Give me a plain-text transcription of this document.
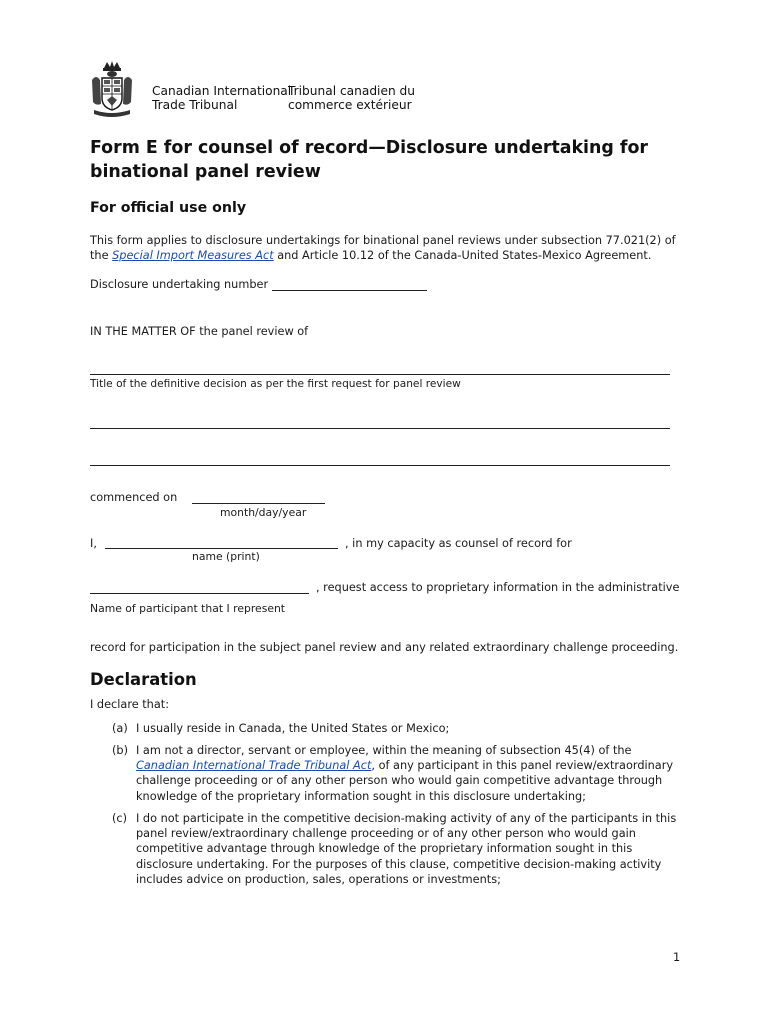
Canadian International
Trade Tribunal
Tribunal canadien du
commerce extérieur
Form E for counsel of record—Disclosure undertaking for
binational panel review
For official use only
This form applies to disclosure undertakings for binational panel reviews under subsection 77.021(2) of
the Special Import Measures Act and Article 10.12 of the Canada-United States-Mexico Agreement.
Disclosure undertaking number
IN THE MATTER OF the panel review of
Title of the definitive decision as per the first request for panel review
commenced on
month/day/year
I,	, in my capacity as counsel of record for
name (print)
, request access to proprietary information in the administrative
Name of participant that I represent
record for participation in the subject panel review and any related extraordinary challenge proceeding.
Declaration
I declare that:
(a) I usually reside in Canada, the United States or Mexico;
(b) I am not a director, servant or employee, within the meaning of subsection 45(4) of the
Canadian International Trade Tribunal Act, of any participant in this panel review/extraordinary
challenge proceeding or of any other person who would gain competitive advantage through
knowledge of the proprietary information sought in this disclosure undertaking;
(c) I do not participate in the competitive decision-making activity of any of the participants in this
panel review/extraordinary challenge proceeding or of any other person who would gain
competitive advantage through knowledge of the proprietary information sought in this
disclosure undertaking. For the purposes of this clause, competitive decision-making activity
includes advice on production, sales, operations or investments;
1
